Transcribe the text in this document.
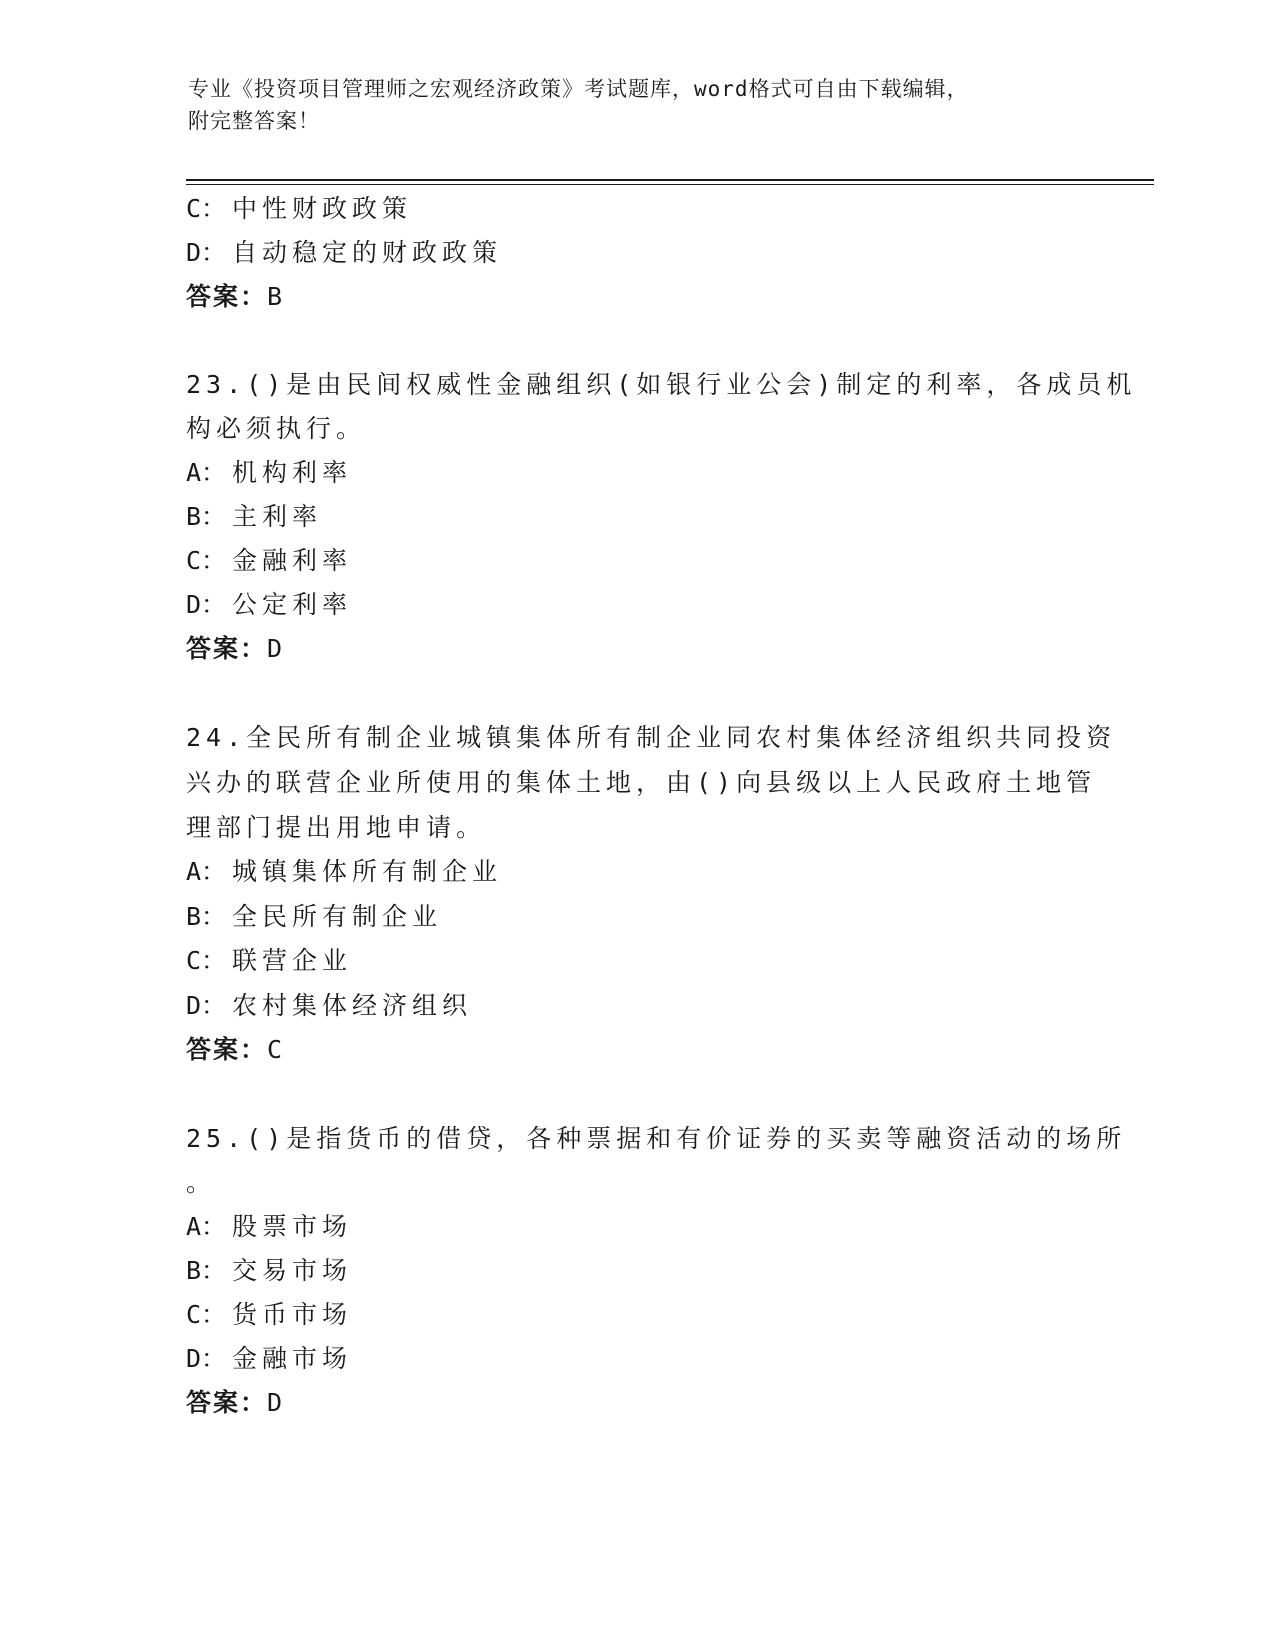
专业《投资项目管理师之宏观经济政策》考试题库，word格式可自由下载编辑，
附完整答案！
C： 中性财政政策
D： 自动稳定的财政政策
答案：B
23.()是由民间权威性金融组织(如银行业公会)制定的利率，各成员机
构必须执行。
A： 机构利率
B： 主利率
C： 金融利率
D： 公定利率
答案：D
24.全民所有制企业城镇集体所有制企业同农村集体经济组织共同投资
兴办的联营企业所使用的集体土地，由()向县级以上人民政府土地管
理部门提出用地申请。
A： 城镇集体所有制企业
B： 全民所有制企业
C： 联营企业
D： 农村集体经济组织
答案：C
25.()是指货币的借贷，各种票据和有价证券的买卖等融资活动的场所
。
A： 股票市场
B： 交易市场
C： 货币市场
D： 金融市场
答案：D
